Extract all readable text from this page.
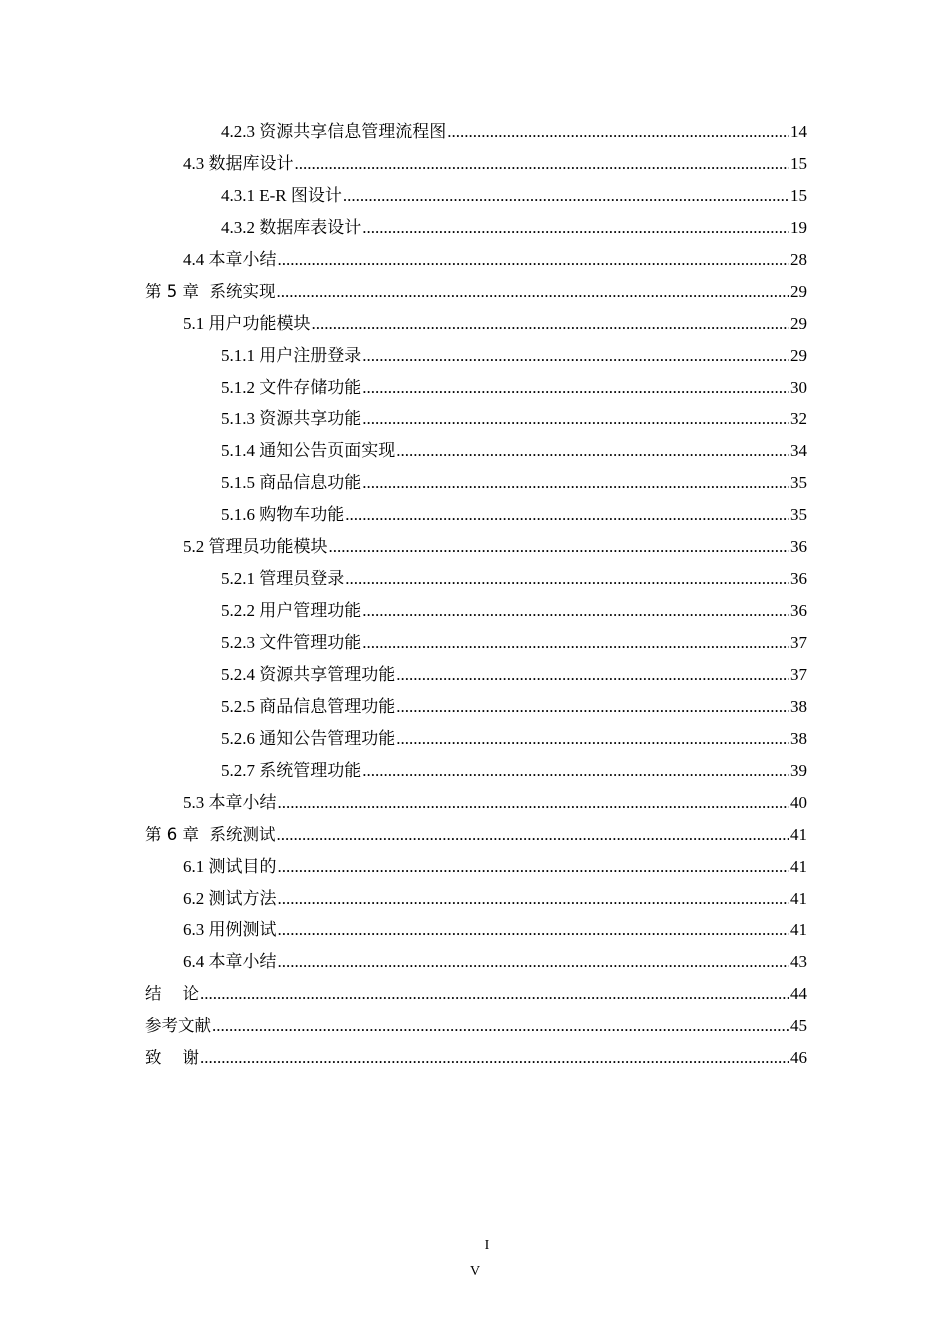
4.2.3 资源共享信息管理流程图 .....	14
4.3 数据库设计 .....	15
4.3.1 E-R 图设计 .....	15
4.3.2 数据库表设计 .....	19
4.4 本章小结 .....	28
第 5 章  系统实现 .....	29
5.1 用户功能模块 .....	29
5.1.1 用户注册登录 .....	29
5.1.2 文件存储功能 .....	30
5.1.3 资源共享功能 .....	32
5.1.4 通知公告页面实现 .....	34
5.1.5 商品信息功能 .....	35
5.1.6 购物车功能 .....	35
5.2 管理员功能模块 .....	36
5.2.1 管理员登录 .....	36
5.2.2 用户管理功能 .....	36
5.2.3 文件管理功能 .....	37
5.2.4 资源共享管理功能 .....	37
5.2.5 商品信息管理功能 .....	38
5.2.6 通知公告管理功能 .....	38
5.2.7 系统管理功能 .....	39
5.3 本章小结 .....	40
第 6 章  系统测试 .....	41
6.1 测试目的 .....	41
6.2 测试方法 .....	41
6.3 用例测试 .....	41
6.4 本章小结 .....	43
结    论 .....	44
参考文献 .....	45
致    谢 .....	46
I
V
